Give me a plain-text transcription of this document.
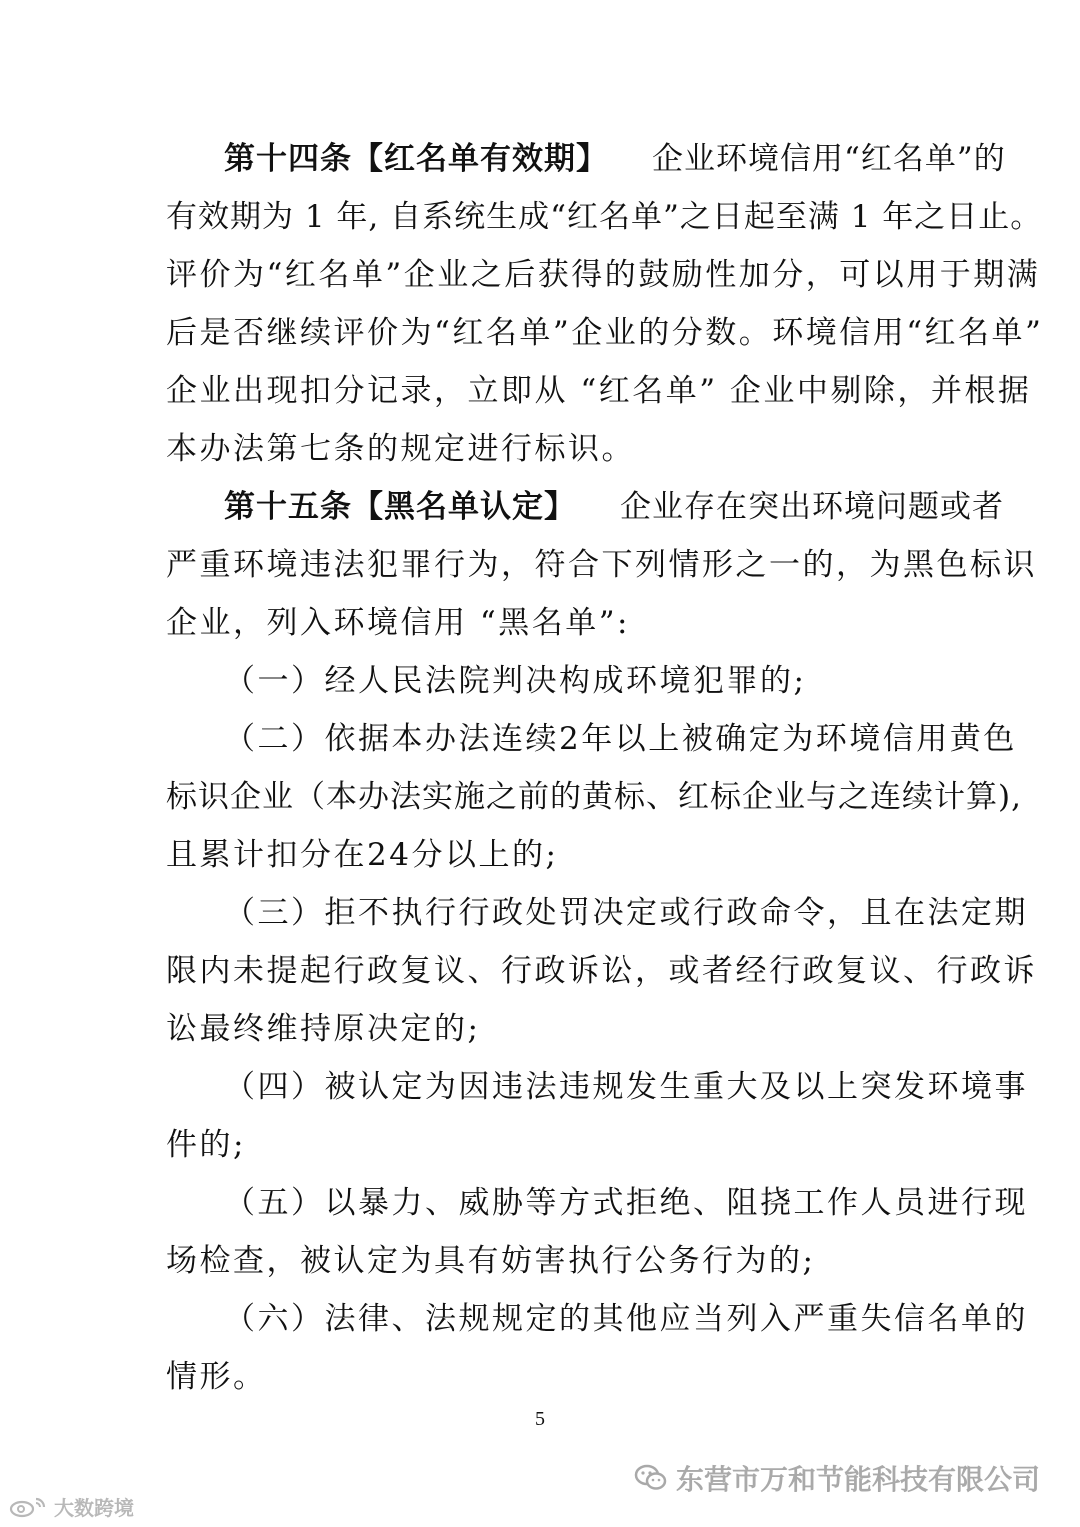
第十四条【红名单有效期】 企业环境信用“红名单”的
有效期为 1 年, 自系统生成“红名单”之日起至满 1 年之日止。
评价为“红名单”企业之后获得的鼓励性加分，可以用于期满
后是否继续评价为“红名单”企业的分数。环境信用“红名单”
企业出现扣分记录，立即从 “红名单” 企业中剔除，并根据
本办法第七条的规定进行标识。
第十五条【黑名单认定】 企业存在突出环境问题或者
严重环境违法犯罪行为，符合下列情形之一的，为黑色标识
企业，列入环境信用 “黑名单”:
（一）经人民法院判决构成环境犯罪的;
（二）依据本办法连续2年以上被确定为环境信用黄色
标识企业（本办法实施之前的黄标、红标企业与之连续计算),
且累计扣分在24分以上的;
（三）拒不执行行政处罚决定或行政命令，且在法定期
限内未提起行政复议、行政诉讼，或者经行政复议、行政诉
讼最终维持原决定的;
（四）被认定为因违法违规发生重大及以上突发环境事
件的;
（五）以暴力、威胁等方式拒绝、阻挠工作人员进行现
场检查，被认定为具有妨害执行公务行为的;
（六）法律、法规规定的其他应当列入严重失信名单的
情形。
5
东营市万和节能科技有限公司
大数跨境
